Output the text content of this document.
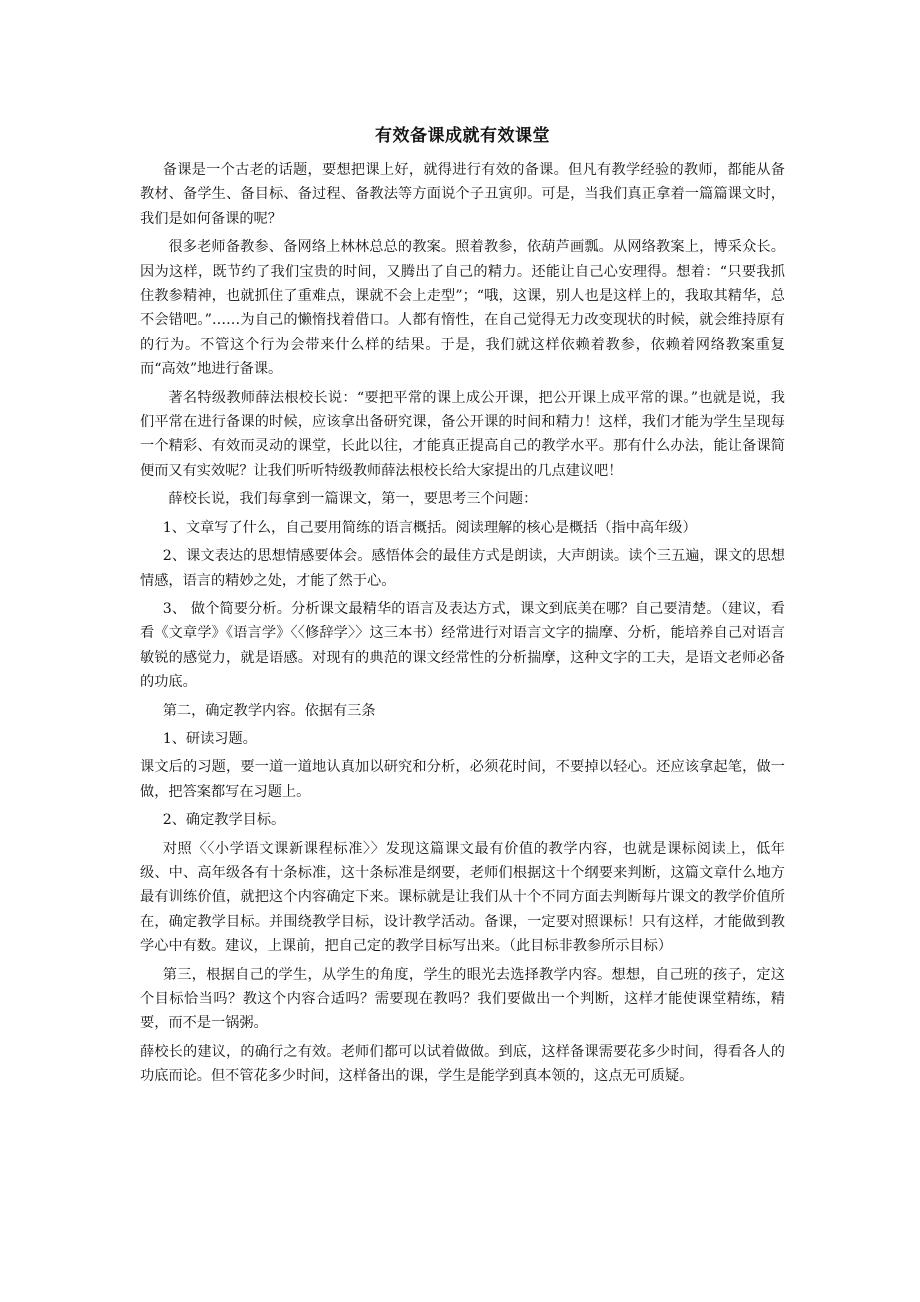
有效备课成就有效课堂

备课是一个古老的话题，要想把课上好，就得进行有效的备课。但凡有教学经验的教师，都能从备教材、备学生、备目标、备过程、备教法等方面说个子丑寅卯。可是，当我们真正拿着一篇篇课文时，我们是如何备课的呢？

很多老师备教参、备网络上林林总总的教案。照着教参，依葫芦画瓢。从网络教案上，博采众长。因为这样，既节约了我们宝贵的时间，又腾出了自己的精力。还能让自己心安理得。想着：“只要我抓住教参精神，也就抓住了重难点，课就不会上走型”；“哦，这课，别人也是这样上的，我取其精华，总不会错吧。”……为自己的懒惰找着借口。人都有惰性，在自己觉得无力改变现状的时候，就会维持原有的行为。不管这个行为会带来什么样的结果。于是，我们就这样依赖着教参，依赖着网络教案重复而“高效”地进行备课。

著名特级教师薛法根校长说：“要把平常的课上成公开课，把公开课上成平常的课。”也就是说，我们平常在进行备课的时候，应该拿出备研究课，备公开课的时间和精力！这样，我们才能为学生呈现每一个精彩、有效而灵动的课堂，长此以往，才能真正提高自己的教学水平。那有什么办法，能让备课简便而又有实效呢？让我们听听特级教师薛法根校长给大家提出的几点建议吧！

薛校长说，我们每拿到一篇课文，第一，要思考三个问题：

1、文章写了什么，自己要用简练的语言概括。阅读理解的核心是概括（指中高年级）

2、课文表达的思想情感要体会。感悟体会的最佳方式是朗读，大声朗读。读个三五遍，课文的思想情感，语言的精妙之处，才能了然于心。

3、 做个简要分析。分析课文最精华的语言及表达方式，课文到底美在哪？自己要清楚。（建议，看看《文章学》《语言学》〈〈修辞学〉〉这三本书）经常进行对语言文字的揣摩、分析，能培养自己对语言敏锐的感觉力，就是语感。对现有的典范的课文经常性的分析揣摩，这种文字的工夫，是语文老师必备的功底。

第二，确定教学内容。依据有三条

1、研读习题。

课文后的习题，要一道一道地认真加以研究和分析，必须花时间，不要掉以轻心。还应该拿起笔，做一做，把答案都写在习题上。

2、确定教学目标。

对照〈〈小学语文课新课程标准〉〉发现这篇课文最有价值的教学内容，也就是课标阅读上，低年级、中、高年级各有十条标准，这十条标准是纲要，老师们根据这十个纲要来判断，这篇文章什么地方最有训练价值，就把这个内容确定下来。课标就是让我们从十个不同方面去判断每片课文的教学价值所在，确定教学目标。并围绕教学目标，设计教学活动。备课，一定要对照课标！只有这样，才能做到教学心中有数。建议，上课前，把自己定的教学目标写出来。（此目标非教参所示目标）

第三，根据自己的学生，从学生的角度，学生的眼光去选择教学内容。想想，自己班的孩子，定这个目标恰当吗？教这个内容合适吗？需要现在教吗？我们要做出一个判断，这样才能使课堂精练，精要，而不是一锅粥。

薛校长的建议，的确行之有效。老师们都可以试着做做。到底，这样备课需要花多少时间，得看各人的功底而论。但不管花多少时间，这样备出的课，学生是能学到真本领的，这点无可质疑。
